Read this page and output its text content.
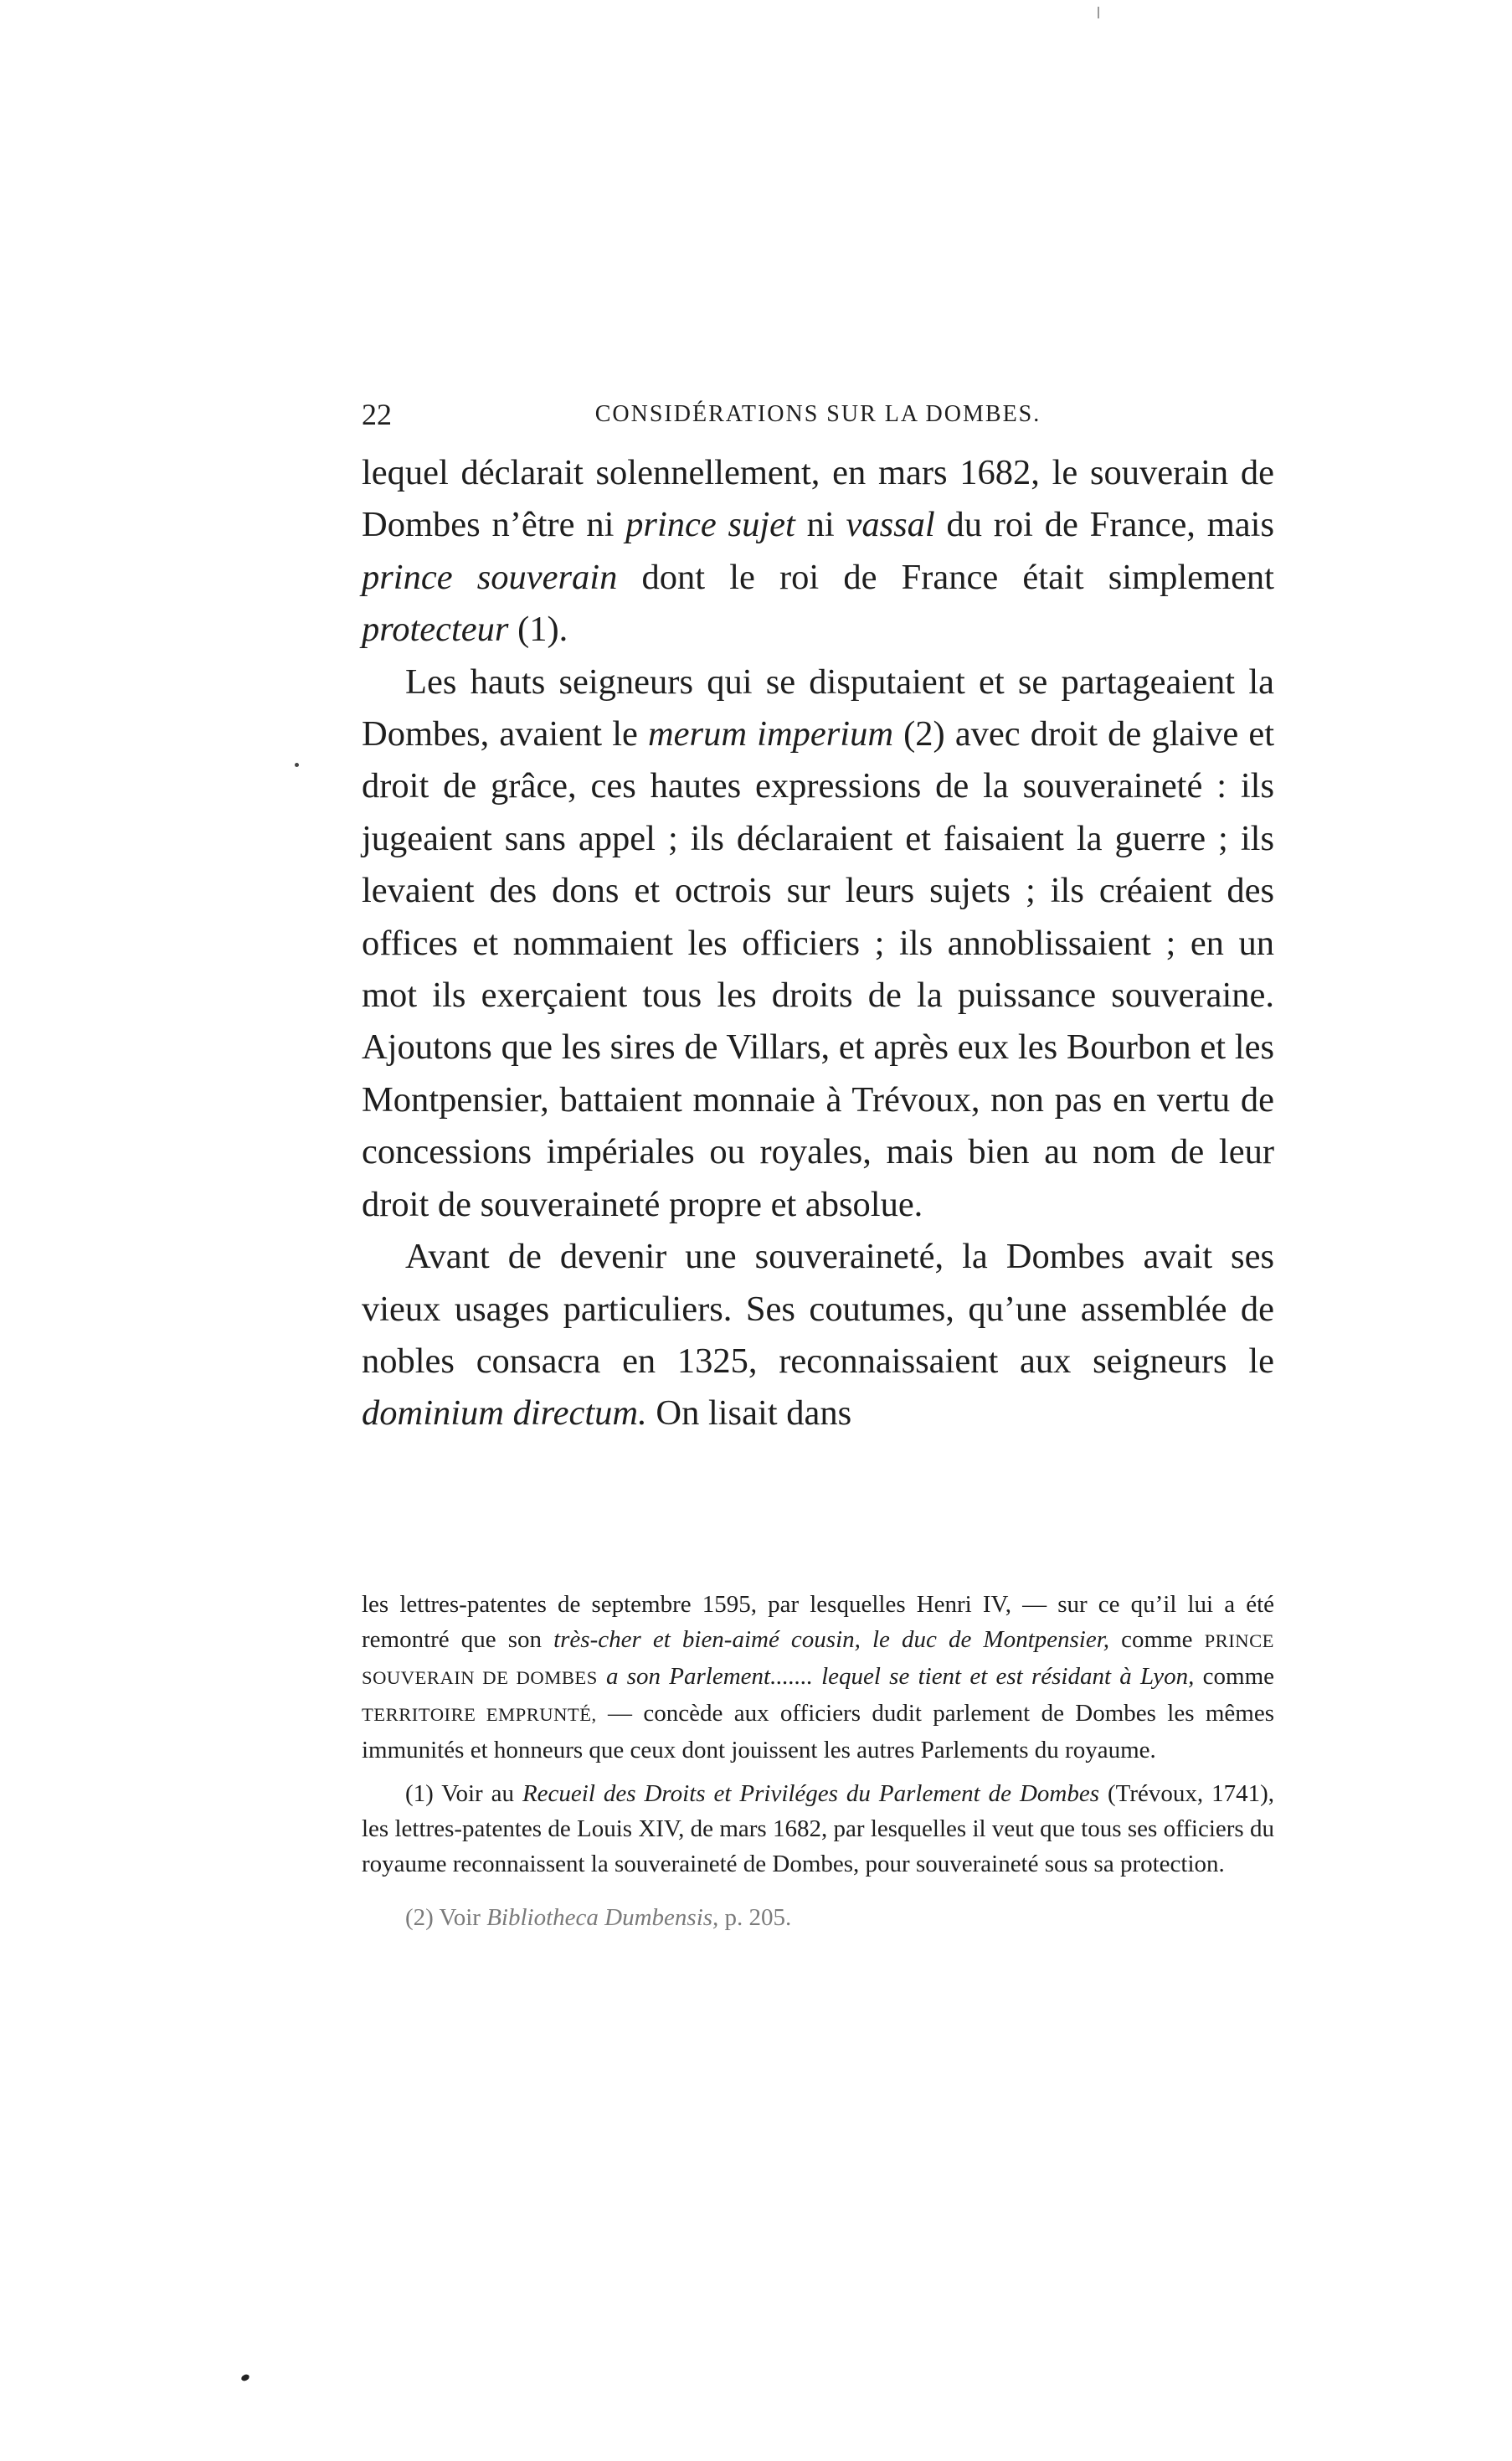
22	CONSIDÉRATIONS SUR LA DOMBES.

lequel déclarait solennellement, en mars 1682, le souverain de Dombes n’être ni prince sujet ni vassal du roi de France, mais prince souverain dont le roi de France était simplement protecteur (1).

Les hauts seigneurs qui se disputaient et se partageaient la Dombes, avaient le merum imperium (2) avec droit de glaive et droit de grâce, ces hautes expressions de la souveraineté : ils jugeaient sans appel ; ils déclaraient et faisaient la guerre ; ils levaient des dons et octrois sur leurs sujets ; ils créaient des offices et nommaient les officiers ; ils annoblissaient ; en un mot ils exerçaient tous les droits de la puissance souveraine. Ajoutons que les sires de Villars, et après eux les Bourbon et les Montpensier, battaient monnaie à Trévoux, non pas en vertu de concessions impériales ou royales, mais bien au nom de leur droit de souveraineté propre et absolue.

Avant de devenir une souveraineté, la Dombes avait ses vieux usages particuliers. Ses coutumes, qu’une assemblée de nobles consacra en 1325, reconnaissaient aux seigneurs le dominium directum. On lisait dans

les lettres-patentes de septembre 1595, par lesquelles Henri IV, — sur ce qu’il lui a été remontré que son très-cher et bien-aimé cousin, le duc de Montpensier, comme PRINCE SOUVERAIN DE DOMBES a son Parlement....... lequel se tient et est résidant à Lyon, comme TERRITOIRE EMPRUNTÉ, — concède aux officiers dudit parlement de Dombes les mêmes immunités et honneurs que ceux dont jouissent les autres Parlements du royaume.

(1) Voir au Recueil des Droits et Priviléges du Parlement de Dombes (Trévoux, 1741), les lettres-patentes de Louis XIV, de mars 1682, par lesquelles il veut que tous ses officiers du royaume reconnaissent la souveraineté de Dombes, pour souveraineté sous sa protection.

(2) Voir Bibliotheca Dumbensis, p. 205.
